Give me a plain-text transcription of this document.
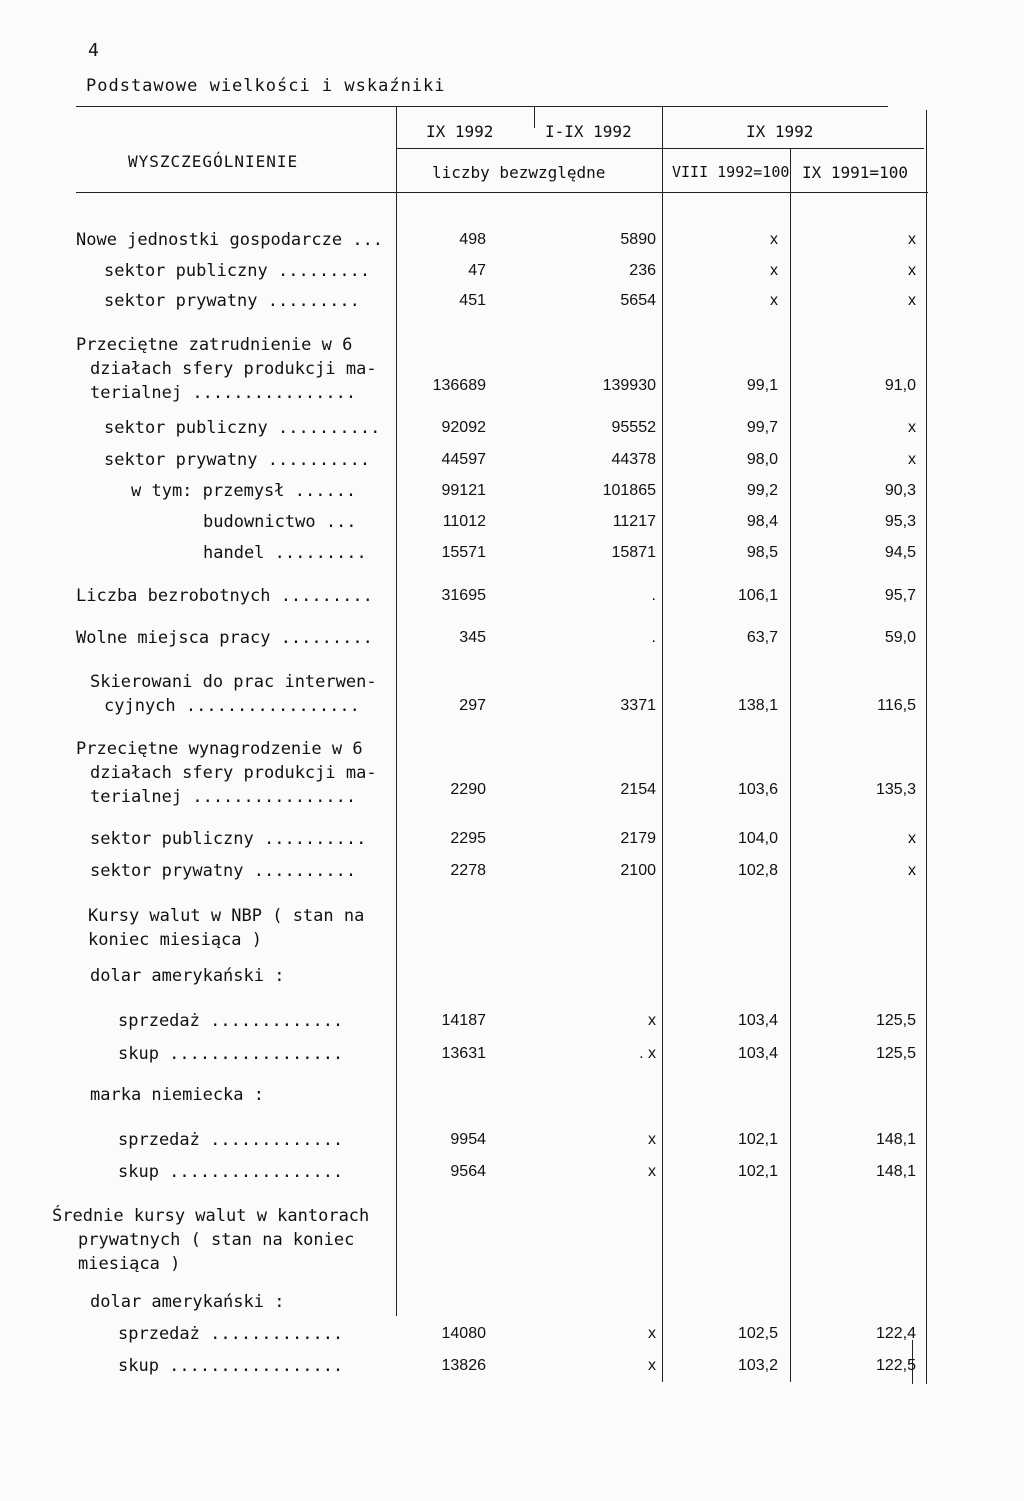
4
Podstawowe wielkości i wskaźniki
WYSZCZEGÓLNIENIE
IX 1992	I-IX 1992	IX 1992
liczby bezwzględne	VIII 1992=100 IX 1991=100
Nowe jednostki gospodarcze ...	498	5890	x	x
sektor publiczny .........	47	236	x	x
sektor prywatny .........	451	5654	x	x
Przeciętne zatrudnienie w 6
działach sfery produkcji ma-
terialnej ................	136689	139930	99,1	91,0
sektor publiczny ..........	92092	95552	99,7	x
sektor prywatny ..........	44597	44378	98,0	x
w tym: przemysł ......	99121	101865	99,2	90,3
budownictwo ...	11012	11217	98,4	95,3
handel .........	15571	15871	98,5	94,5
Liczba bezrobotnych .........	31695	.	106,1	95,7
Wolne miejsca pracy .........	345	.	63,7	59,0
Skierowani do prac interwen-
cyjnych .................	297	3371	138,1	116,5
Przeciętne wynagrodzenie w 6
działach sfery produkcji ma-
terialnej ................	2290	2154	103,6	135,3
sektor publiczny ..........	2295	2179	104,0	x
sektor prywatny ..........	2278	2100	102,8	x
Kursy walut w NBP ( stan na
koniec miesiąca )
dolar amerykański :
sprzedaż .............	14187	x	103,4	125,5
skup .................	13631	. x	103,4	125,5
marka niemiecka :
sprzedaż .............	9954	x	102,1	148,1
skup .................	9564	x	102,1	148,1
Średnie kursy walut w kantorach
prywatnych ( stan na koniec
miesiąca )
dolar amerykański :
sprzedaż .............	14080	x	102,5	122,4
skup .................	13826	x	103,2	122,5
